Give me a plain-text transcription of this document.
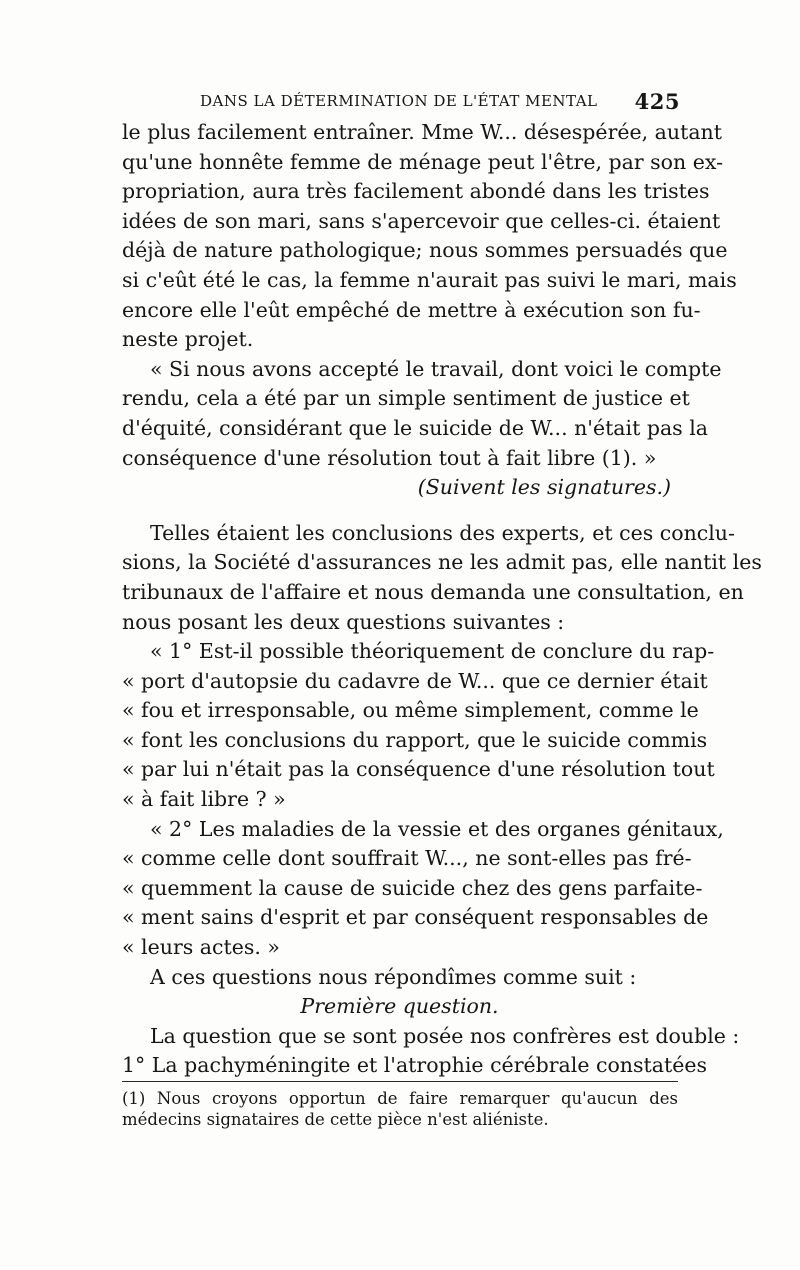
DANS LA DÉTERMINATION DE L'ÉTAT MENTAL 425
le plus facilement entraîner. Mme W... désespérée, autant
qu'une honnête femme de ménage peut l'être, par son ex-
propriation, aura très facilement abondé dans les tristes
idées de son mari, sans s'apercevoir que celles-ci. étaient
déjà de nature pathologique; nous sommes persuadés que
si c'eût été le cas, la femme n'aurait pas suivi le mari, mais
encore elle l'eût empêché de mettre à exécution son fu-
neste projet.
« Si nous avons accepté le travail, dont voici le compte
rendu, cela a été par un simple sentiment de justice et
d'équité, considérant que le suicide de W... n'était pas la
conséquence d'une résolution tout à fait libre (1). »
(Suivent les signatures.)
Telles étaient les conclusions des experts, et ces conclu-
sions, la Société d'assurances ne les admit pas, elle nantit les
tribunaux de l'affaire et nous demanda une consultation, en
nous posant les deux questions suivantes :
« 1° Est-il possible théoriquement de conclure du rap-
« port d'autopsie du cadavre de W... que ce dernier était
« fou et irresponsable, ou même simplement, comme le
« font les conclusions du rapport, que le suicide commis
« par lui n'était pas la conséquence d'une résolution tout
« à fait libre ? »
« 2° Les maladies de la vessie et des organes génitaux,
« comme celle dont souffrait W..., ne sont-elles pas fré-
« quemment la cause de suicide chez des gens parfaite-
« ment sains d'esprit et par conséquent responsables de
« leurs actes. »
A ces questions nous répondîmes comme suit :
Première question.
La question que se sont posée nos confrères est double :
1° La pachyméningite et l'atrophie cérébrale constatées
(1) Nous croyons opportun de faire remarquer qu'aucun des
médecins signataires de cette pièce n'est aliéniste.
